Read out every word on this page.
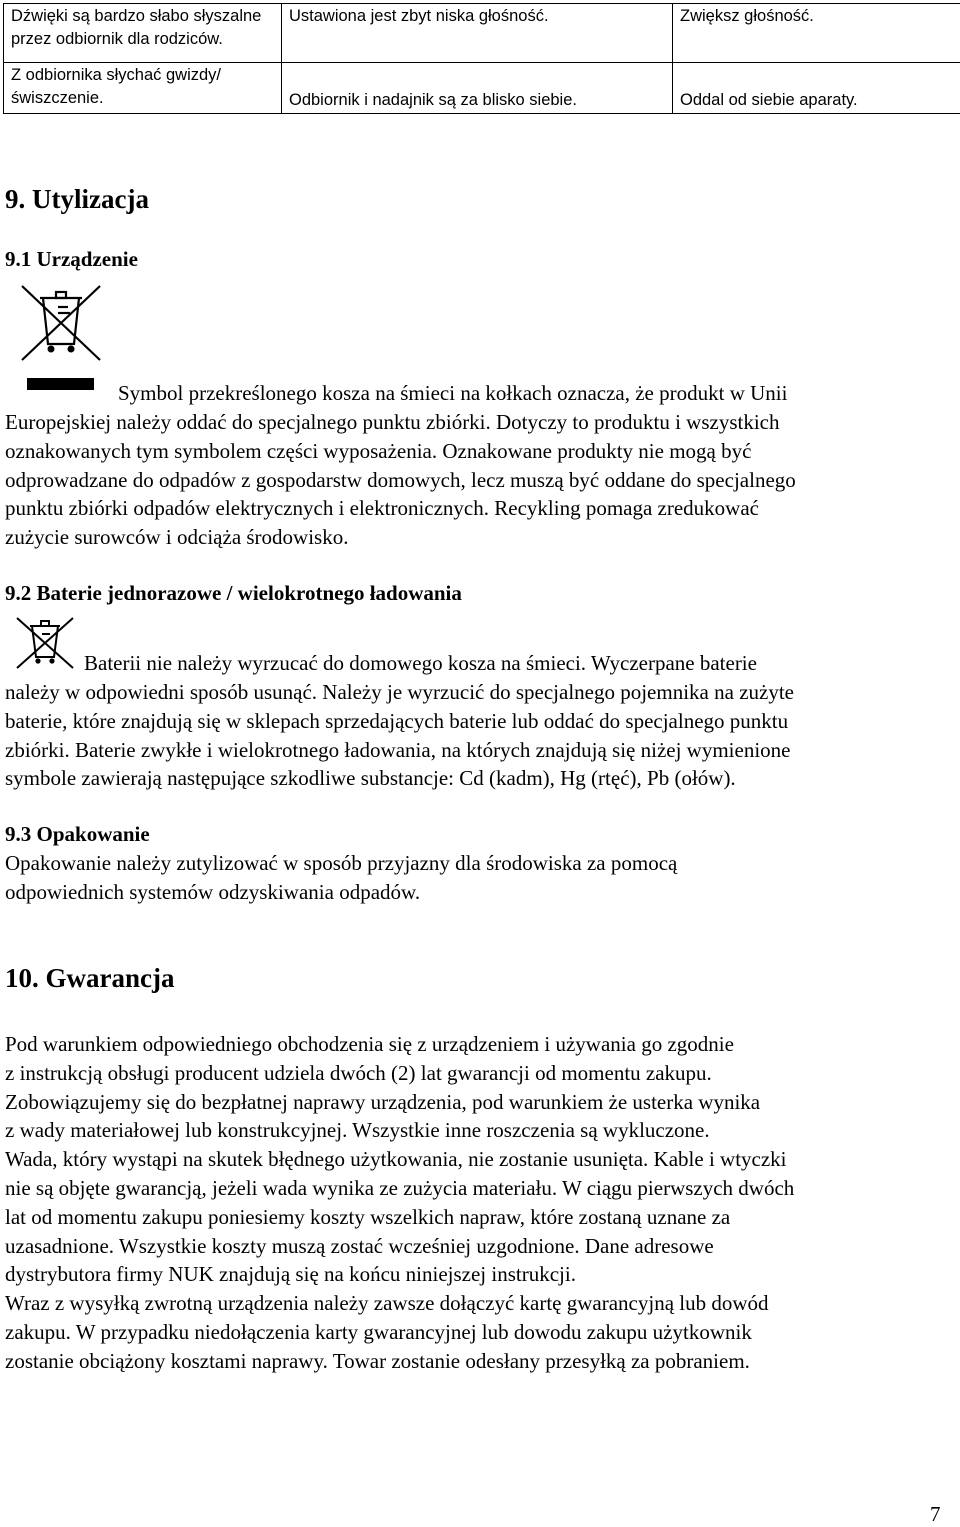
Dźwięki są bardzo słabo słyszalne przez odbiornik dla rodziców.	Ustawiona jest zbyt niska głośność.	Zwiększ głośność.
Z odbiornika słychać gwizdy/ świszczenie.	Odbiornik i nadajnik są za blisko siebie.	Oddal od siebie aparaty.
9. Utylizacja
9.1 Urządzenie

Symbol przekreślonego kosza na śmieci na kołkach oznacza, że produkt w Unii

Europejskiej należy oddać do specjalnego punktu zbiórki. Dotyczy to produktu i wszystkich

oznakowanych tym symbolem części wyposażenia. Oznakowane produkty nie mogą być

odprowadzane do odpadów z gospodarstw domowych, lecz muszą być oddane do specjalnego

punktu zbiórki odpadów elektrycznych i elektronicznych. Recykling pomaga zredukować

zużycie surowców i odciąża środowisko.

9.2 Baterie jednorazowe / wielokrotnego ładowania

Baterii nie należy wyrzucać do domowego kosza na śmieci. Wyczerpane baterie

należy w odpowiedni sposób usunąć. Należy je wyrzucić do specjalnego pojemnika na zużyte

baterie, które znajdują się w sklepach sprzedających baterie lub oddać do specjalnego punktu

zbiórki. Baterie zwykłe i wielokrotnego ładowania, na których znajdują się niżej wymienione

symbole zawierają następujące szkodliwe substancje: Cd (kadm), Hg (rtęć), Pb (ołów).

9.3 Opakowanie

Opakowanie należy zutylizować w sposób przyjazny dla środowiska za pomocą

odpowiednich systemów odzyskiwania odpadów.

10. Gwarancja

Pod warunkiem odpowiedniego obchodzenia się z urządzeniem i używania go zgodnie

z instrukcją obsługi producent udziela dwóch (2) lat gwarancji od momentu zakupu.

Zobowiązujemy się do bezpłatnej naprawy urządzenia, pod warunkiem że usterka wynika

z wady materiałowej lub konstrukcyjnej. Wszystkie inne roszczenia są wykluczone.

Wada, który wystąpi na skutek błędnego użytkowania, nie zostanie usunięta. Kable i wtyczki

nie są objęte gwarancją, jeżeli wada wynika ze zużycia materiału. W ciągu pierwszych dwóch

lat od momentu zakupu poniesiemy koszty wszelkich napraw, które zostaną uznane za

uzasadnione. Wszystkie koszty muszą zostać wcześniej uzgodnione. Dane adresowe

dystrybutora firmy NUK znajdują się na końcu niniejszej instrukcji.

Wraz z wysyłką zwrotną urządzenia należy zawsze dołączyć kartę gwarancyjną lub dowód

zakupu. W przypadku niedołączenia karty gwarancyjnej lub dowodu zakupu użytkownik

zostanie obciążony kosztami naprawy. Towar zostanie odesłany przesyłką za pobraniem.

7
